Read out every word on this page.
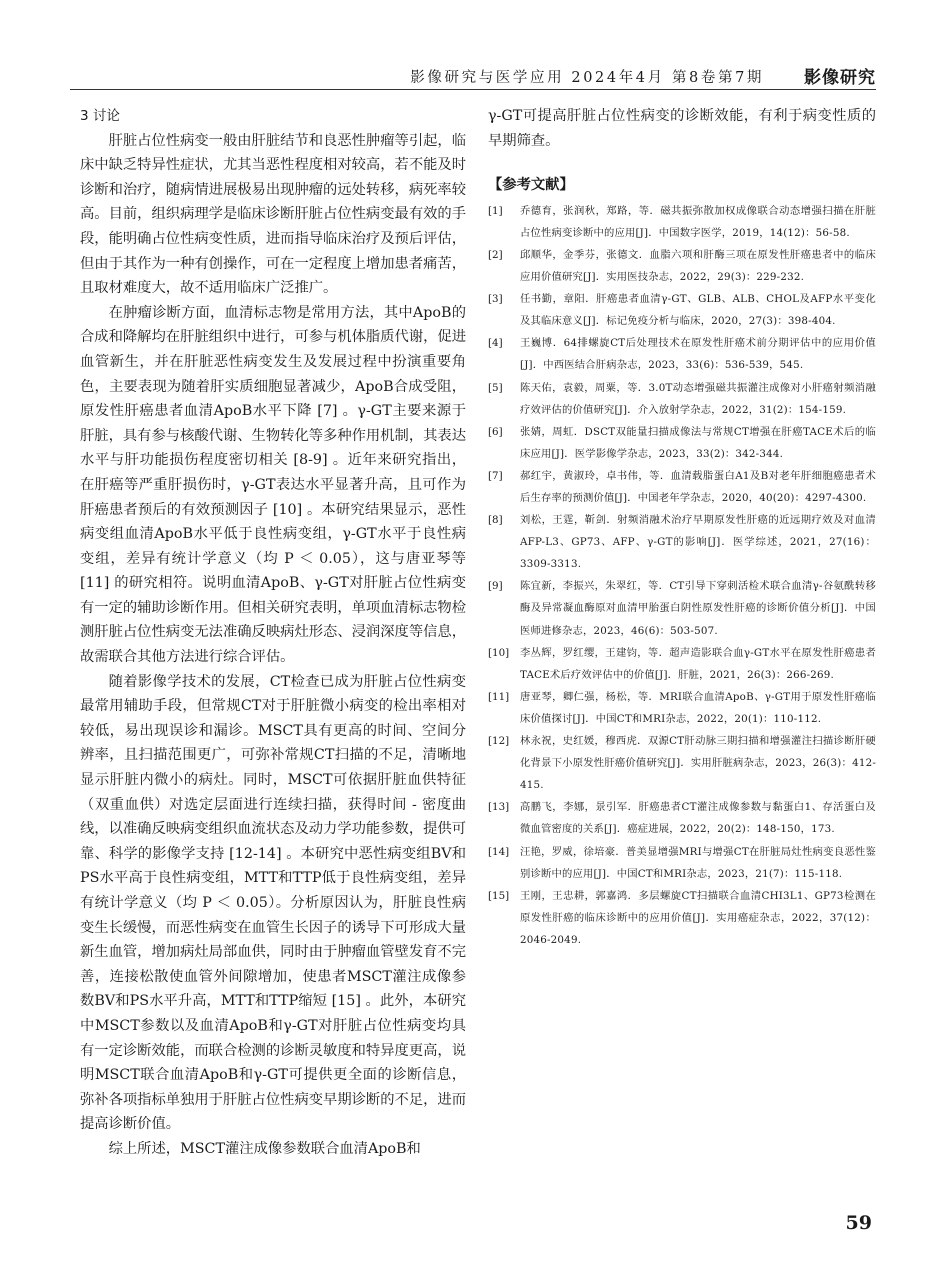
影像研究与医学应用 2024年4月 第8卷第7期 影像研究
3 讨论

肝脏占位性病变一般由肝脏结节和良恶性肿瘤等引起，临床中缺乏特异性症状，尤其当恶性程度相对较高，若不能及时诊断和治疗，随病情进展极易出现肿瘤的远处转移，病死率较高。目前，组织病理学是临床诊断肝脏占位性病变最有效的手段，能明确占位性病变性质，进而指导临床治疗及预后评估，但由于其作为一种有创操作，可在一定程度上增加患者痛苦，且取材难度大，故不适用临床广泛推广。

在肿瘤诊断方面，血清标志物是常用方法，其中ApoB的合成和降解均在肝脏组织中进行，可参与机体脂质代谢，促进血管新生，并在肝脏恶性病变发生及发展过程中扮演重要角色，主要表现为随着肝实质细胞显著减少，ApoB合成受阻，原发性肝癌患者血清ApoB水平下降 [7] 。γ-GT主要来源于肝脏，具有参与核酸代谢、生物转化等多种作用机制，其表达水平与肝功能损伤程度密切相关 [8-9] 。近年来研究指出，在肝癌等严重肝损伤时，γ-GT表达水平显著升高，且可作为肝癌患者预后的有效预测因子 [10] 。本研究结果显示，恶性病变组血清ApoB水平低于良性病变组，γ-GT水平于良性病变组，差异有统计学意义（均 P ＜ 0.05），这与唐亚琴等 [11] 的研究相符。说明血清ApoB、γ-GT对肝脏占位性病变有一定的辅助诊断作用。但相关研究表明，单项血清标志物检测肝脏占位性病变无法准确反映病灶形态、浸润深度等信息，故需联合其他方法进行综合评估。

随着影像学技术的发展，CT检查已成为肝脏占位性病变最常用辅助手段，但常规CT对于肝脏微小病变的检出率相对较低，易出现误诊和漏诊。MSCT具有更高的时间、空间分辨率，且扫描范围更广，可弥补常规CT扫描的不足，清晰地显示肝脏内微小的病灶。同时，MSCT可依据肝脏血供特征（双重血供）对选定层面进行连续扫描，获得时间 - 密度曲线，以准确反映病变组织血流状态及动力学功能参数，提供可靠、科学的影像学支持 [12-14] 。本研究中恶性病变组BV和PS水平高于良性病变组，MTT和TTP低于良性病变组，差异有统计学意义（均 P ＜ 0.05）。分析原因认为，肝脏良性病变生长缓慢，而恶性病变在血管生长因子的诱导下可形成大量新生血管，增加病灶局部血供，同时由于肿瘤血管壁发育不完善，连接松散使血管外间隙增加，使患者MSCT灌注成像参数BV和PS水平升高，MTT和TTP缩短 [15] 。此外，本研究中MSCT参数以及血清ApoB和γ-GT对肝脏占位性病变均具有一定诊断效能，而联合检测的诊断灵敏度和特异度更高，说明MSCT联合血清ApoB和γ-GT可提供更全面的诊断信息，弥补各项指标单独用于肝脏占位性病变早期诊断的不足，进而提高诊断价值。

综上所述，MSCT灌注成像参数联合血清ApoB和

γ-GT可提高肝脏占位性病变的诊断效能，有利于病变性质的早期筛查。

【参考文献】
[1]	乔德育，张润秋，郑路，等．磁共振弥散加权成像联合动态增强扫描在肝脏占位性病变诊断中的应用[J]．中国数字医学，2019，14(12)：56-58.
[2]	邱顺华，金季芬，张德文．血脂六项和肝酶三项在原发性肝癌患者中的临床应用价值研究[J]．实用医技杂志，2022，29(3)：229-232.
[3]	任书勤，章阳．肝癌患者血清γ-GT、GLB、ALB、CHOL及AFP水平变化及其临床意义[J]．标记免疫分析与临床，2020，27(3)：398-404.
[4]	王巍博．64排螺旋CT后处理技术在原发性肝癌术前分期评估中的应用价值[J]．中西医结合肝病杂志，2023，33(6)：536-539，545.
[5]	陈天佑，袁毅，周粟，等．3.0T动态增强磁共振灌注成像对小肝癌射频消融疗效评估的价值研究[J]．介入放射学杂志，2022，31(2)：154-159.
[6]	张婧，周虹．DSCT双能量扫描成像法与常规CT增强在肝癌TACE术后的临床应用[J]．医学影像学杂志，2023，33(2)：342-344.
[7]	郝红宇，黄淑玲，卓书伟，等．血清载脂蛋白A1及B对老年肝细胞癌患者术后生存率的预测价值[J]．中国老年学杂志，2020，40(20)：4297-4300.
[8]	刘松，王霆，靳剑．射频消融术治疗早期原发性肝癌的近远期疗效及对血清AFP-L3、GP73、AFP、γ-GT的影响[J]．医学综述，2021，27(16)：3309-3313.
[9]	陈宜新，李振兴，朱翠红，等．CT引导下穿刺活检术联合血清γ-谷氨酰转移酶及异常凝血酶原对血清甲胎蛋白阴性原发性肝癌的诊断价值分析[J]．中国医师进修杂志，2023，46(6)：503-507.
[10]	李丛辉，罗红缨，王建钧，等．超声造影联合血γ-GT水平在原发性肝癌患者TACE术后疗效评估中的价值[J]．肝脏，2021，26(3)：266-269.
[11]	唐亚琴，卿仁强，杨松，等．MRI联合血清ApoB、γ-GT用于原发性肝癌临床价值探讨[J]．中国CT和MRI杂志，2022，20(1)：110-112.
[12]	林永祝，史红媛，穆西虎．双源CT肝动脉三期扫描和增强灌注扫描诊断肝硬化背景下小原发性肝癌价值研究[J]．实用肝脏病杂志，2023，26(3)：412-415.
[13]	高鹏飞，李娜，景引军．肝癌患者CT灌注成像参数与黏蛋白1、存活蛋白及微血管密度的关系[J]．癌症进展，2022，20(2)：148-150，173.
[14]	汪艳，罗威，徐培豪．普美显增强MRI与增强CT在肝脏局灶性病变良恶性鉴别诊断中的应用[J]．中国CT和MRI杂志，2023，21(7)：115-118.
[15]	王刚，王忠耕，郭嘉鸿．多层螺旋CT扫描联合血清CHI3L1、GP73检测在原发性肝癌的临床诊断中的应用价值[J]．实用癌症杂志，2022，37(12)：2046-2049.
59
